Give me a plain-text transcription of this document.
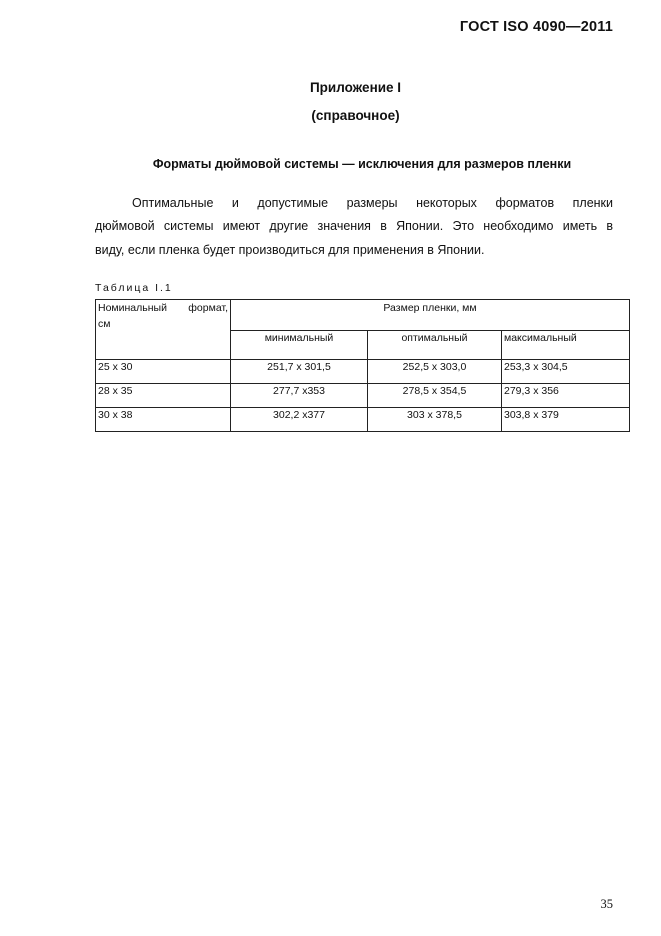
ГОСТ ISO 4090—2011
Приложение I
(справочное)
Форматы дюймовой системы — исключения для размеров пленки
Оптимальные и допустимые размеры некоторых форматов пленки
дюймовой системы имеют другие значения в Японии. Это необходимо иметь в
виду, если пленка будет производиться для применения в Японии.
Таблица I.1
Номинальный формат,
см	Размер пленки, мм		
	минимальный	оптимальный	максимальный
25 x 30	251,7 x 301,5	252,5 x 303,0	253,3 x 304,5
28 x 35	277,7 x353	278,5 x 354,5	279,3 x 356
30 x 38	302,2 x377	303 x 378,5	303,8 x 379
35
